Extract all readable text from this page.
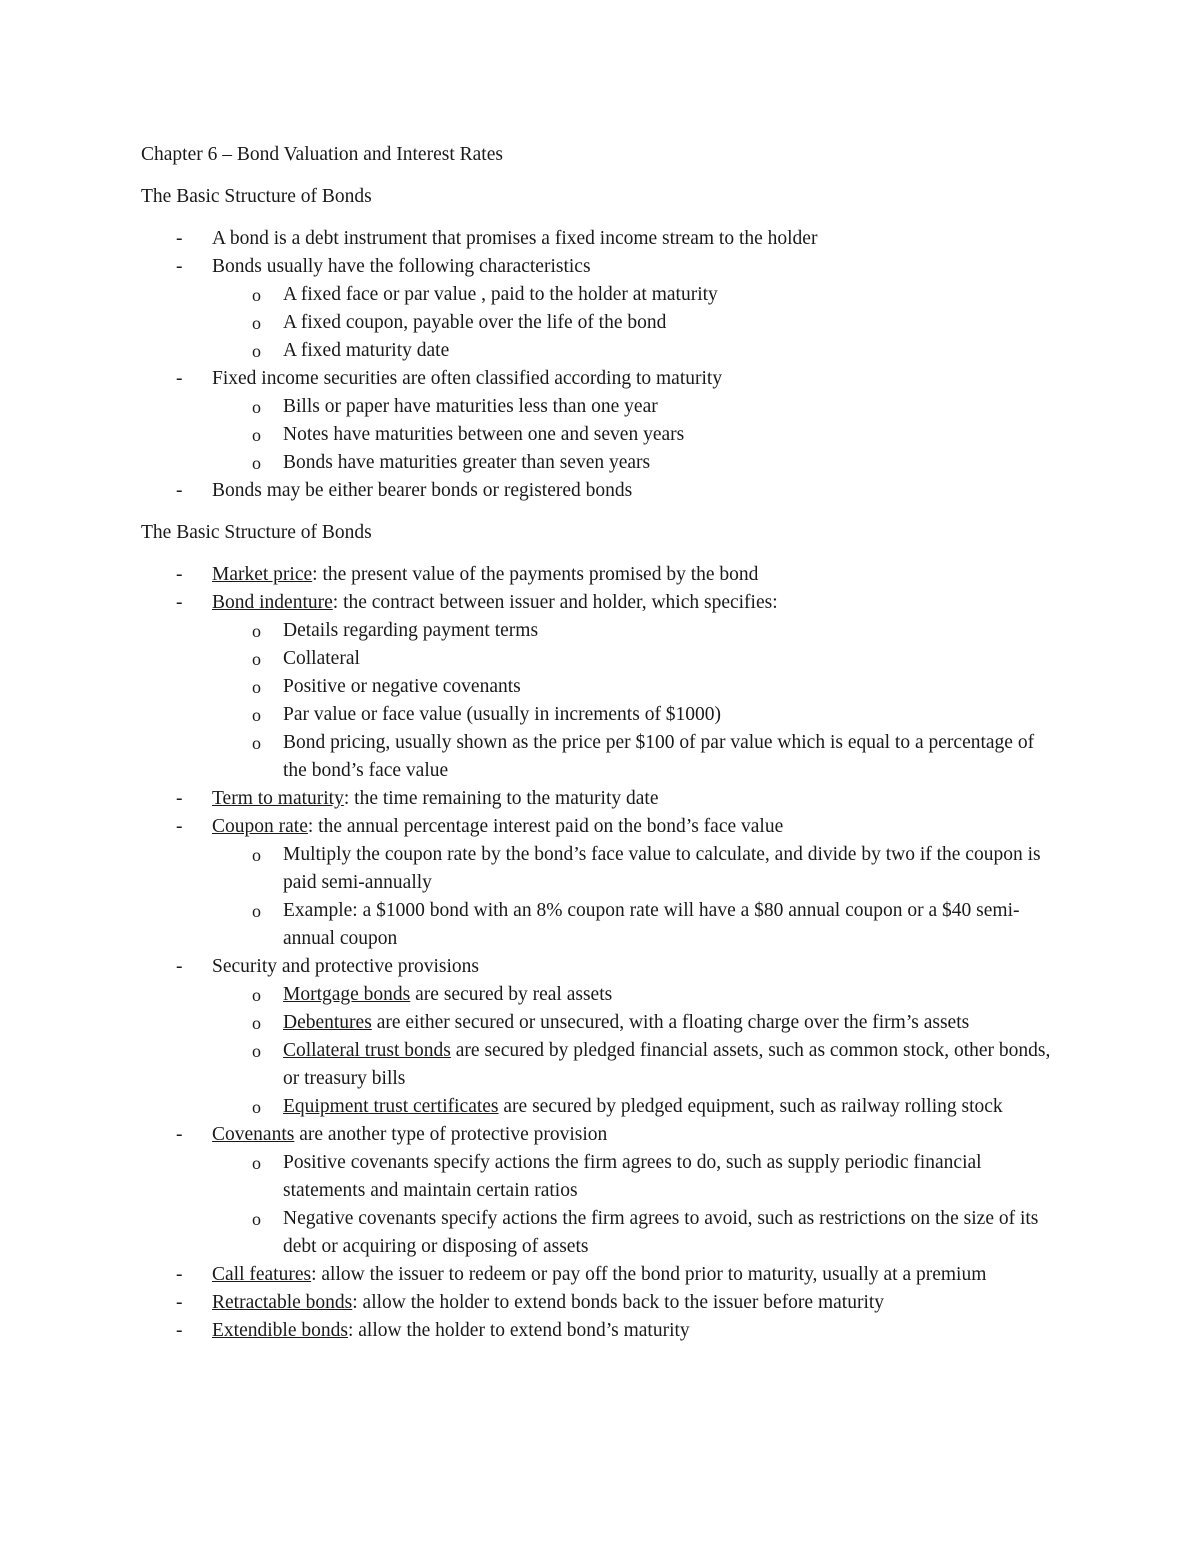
Chapter 6 – Bond Valuation and Interest Rates

The Basic Structure of Bonds

- A bond is a debt instrument that promises a fixed income stream to the holder
- Bonds usually have the following characteristics
o A fixed face or par value , paid to the holder at maturity
o A fixed coupon, payable over the life of the bond
o A fixed maturity date
- Fixed income securities are often classified according to maturity
o Bills or paper have maturities less than one year
o Notes have maturities between one and seven years
o Bonds have maturities greater than seven years
- Bonds may be either bearer bonds or registered bonds

The Basic Structure of Bonds

- Market price: the present value of the payments promised by the bond
- Bond indenture: the contract between issuer and holder, which specifies:
o Details regarding payment terms
o Collateral
o Positive or negative covenants
o Par value or face value (usually in increments of $1000)
o Bond pricing, usually shown as the price per $100 of par value which is equal to a percentage of the bond’s face value
- Term to maturity: the time remaining to the maturity date
- Coupon rate: the annual percentage interest paid on the bond’s face value
o Multiply the coupon rate by the bond’s face value to calculate, and divide by two if the coupon is paid semi-annually
o Example: a $1000 bond with an 8% coupon rate will have a $80 annual coupon or a $40 semi-annual coupon
- Security and protective provisions
o Mortgage bonds are secured by real assets
o Debentures are either secured or unsecured, with a floating charge over the firm’s assets
o Collateral trust bonds are secured by pledged financial assets, such as common stock, other bonds, or treasury bills
o Equipment trust certificates are secured by pledged equipment, such as railway rolling stock
- Covenants are another type of protective provision
o Positive covenants specify actions the firm agrees to do, such as supply periodic financial statements and maintain certain ratios
o Negative covenants specify actions the firm agrees to avoid, such as restrictions on the size of its debt or acquiring or disposing of assets
- Call features: allow the issuer to redeem or pay off the bond prior to maturity, usually at a premium
- Retractable bonds: allow the holder to extend bonds back to the issuer before maturity
- Extendible bonds: allow the holder to extend bond’s maturity
